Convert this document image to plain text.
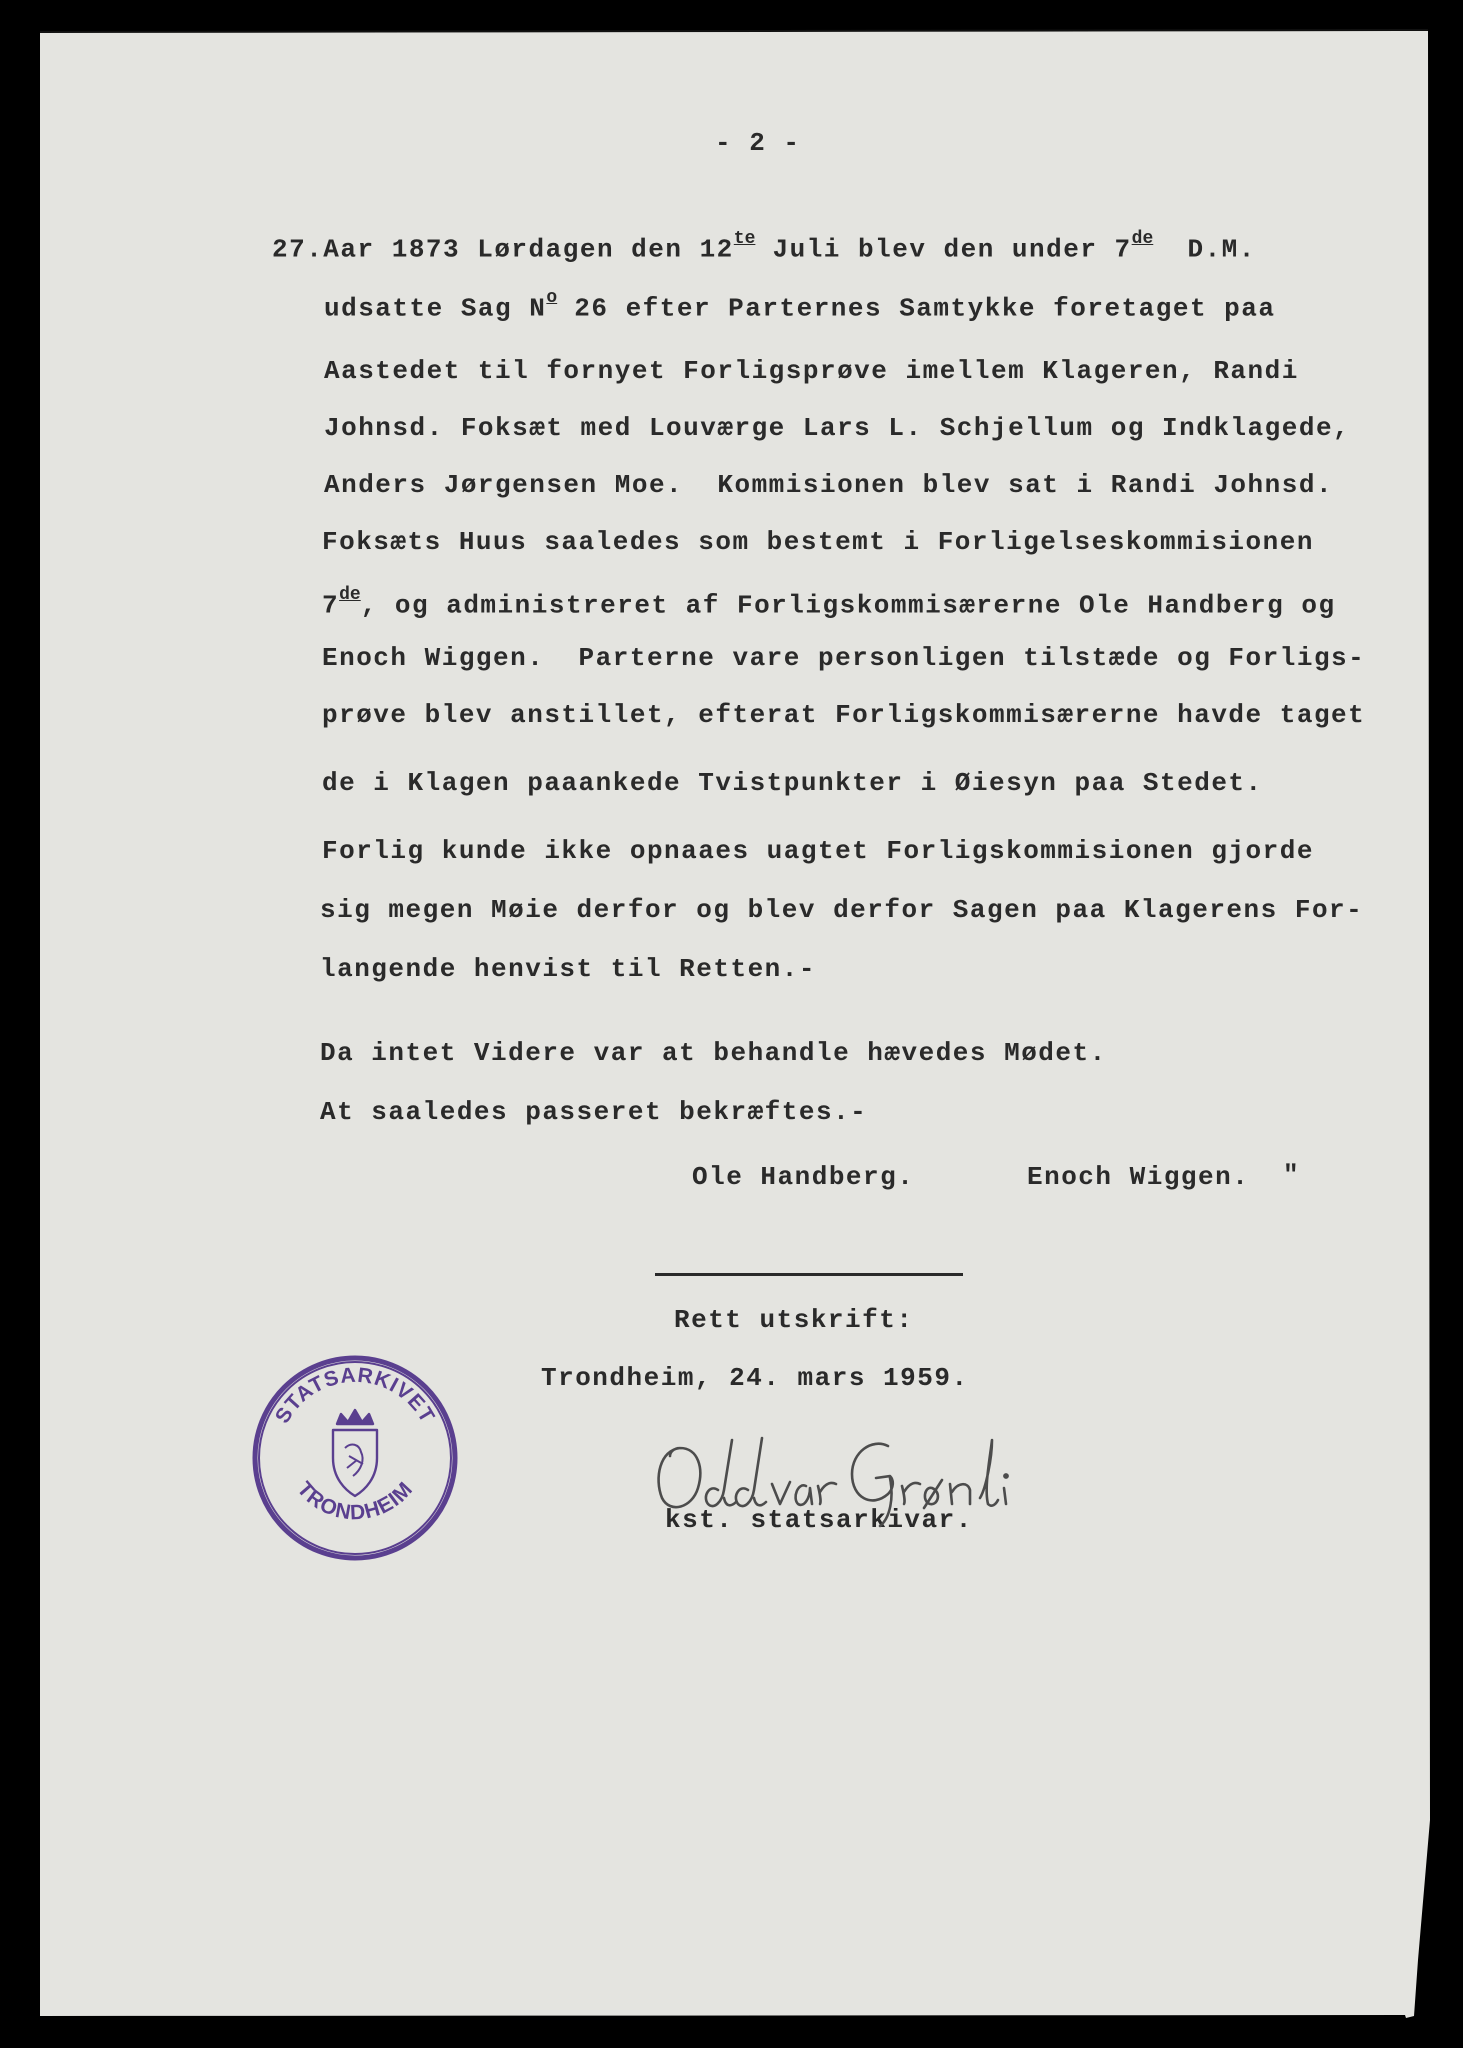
- 2 -
27.Aar 1873 Lørdagen den $12^{te}$ Juli blev den under 7de  D.M.
udsatte Sag $N^o$ 26 efter Parternes Samtykke foretaget paa
Aastedet til fornyet Forligsprøve imellem Klageren, Randi
Johnsd. Foksæt med Louværge Lars L. Schjellum og Indklagede,
Anders Jørgensen Moe.  Kommisionen blev sat i Randi Johnsd.
Foksæts Huus saaledes som bestemt i Forligelseskommisionen
7de, og administreret af Forligskommisærerne Ole Handberg og
Enoch Wiggen.  Parterne vare personligen tilstæde og Forligs-
prøve blev anstillet, efterat Forligskommisærerne havde taget
de i Klagen paaankede Tvistpunkter i Øiesyn paa Stedet.
Forlig kunde ikke opnaaes uagtet Forligskommisionen gjorde
sig megen Møie derfor og blev derfor Sagen paa Klagerens For-
langende henvist til Retten.-
Da intet Videre var at behandle hævedes Mødet.
At saaledes passeret bekræftes.-
Ole Handberg.	Enoch Wiggen. "
Rett utskrift:
Trondheim, 24. mars 1959.
kst. statsarkivar.
STATSARKIVET
TRONDHEIM
